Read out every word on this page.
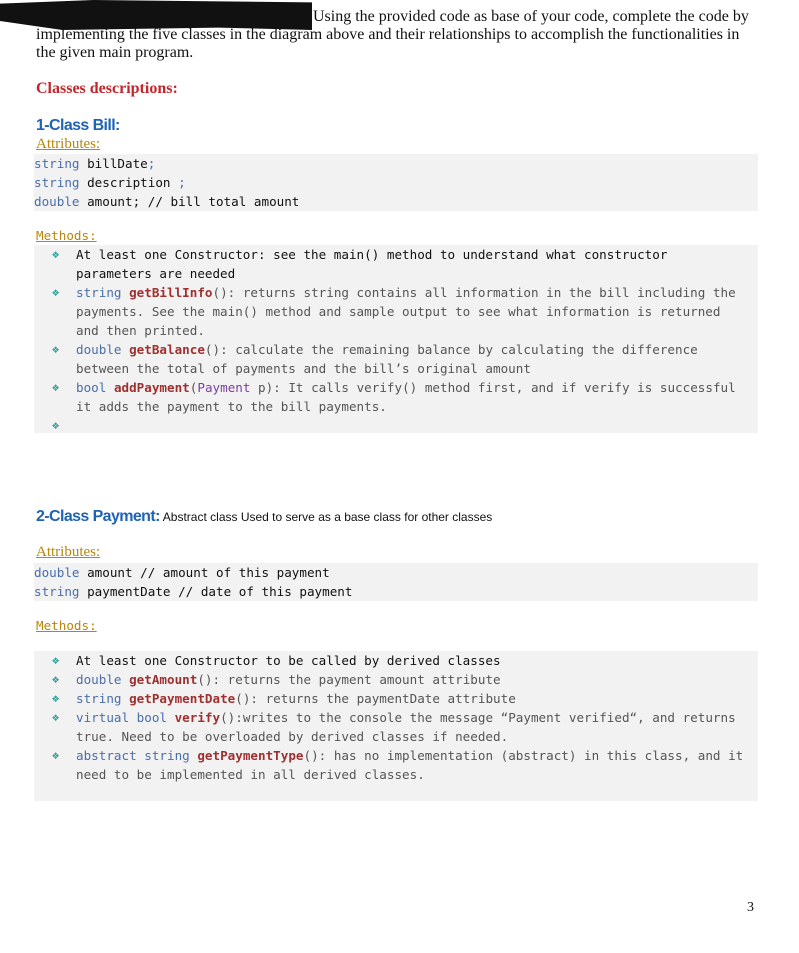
Using the provided code as base of your code, complete the code by
implementing the five classes in the diagram above and their relationships to accomplish the functionalities in
the given main program.
Classes descriptions:
1-Class Bill:
Attributes:
string billDate;
string description ;
double amount; // bill total amount
Methods:
❖ At least one Constructor: see the main() method to understand what constructor
parameters are needed
❖ string getBillInfo(): returns string contains all information in the bill including the
payments. See the main() method and sample output to see what information is returned
and then printed.
❖ double getBalance(): calculate the remaining balance by calculating the difference
between the total of payments and the bill’s original amount
❖ bool addPayment(Payment p): It calls verify() method first, and if verify is successful
it adds the payment to the bill payments.
❖
2-Class Payment: Abstract class Used to serve as a base class for other classes
Attributes:
double amount // amount of this payment
string paymentDate // date of this payment
Methods:
❖ At least one Constructor to be called by derived classes
❖ double getAmount(): returns the payment amount attribute
❖ string getPaymentDate(): returns the paymentDate attribute
❖ virtual bool verify():writes to the console the message “Payment verified“, and returns
true. Need to be overloaded by derived classes if needed.
❖ abstract string getPaymentType(): has no implementation (abstract) in this class, and it
need to be implemented in all derived classes.
3
